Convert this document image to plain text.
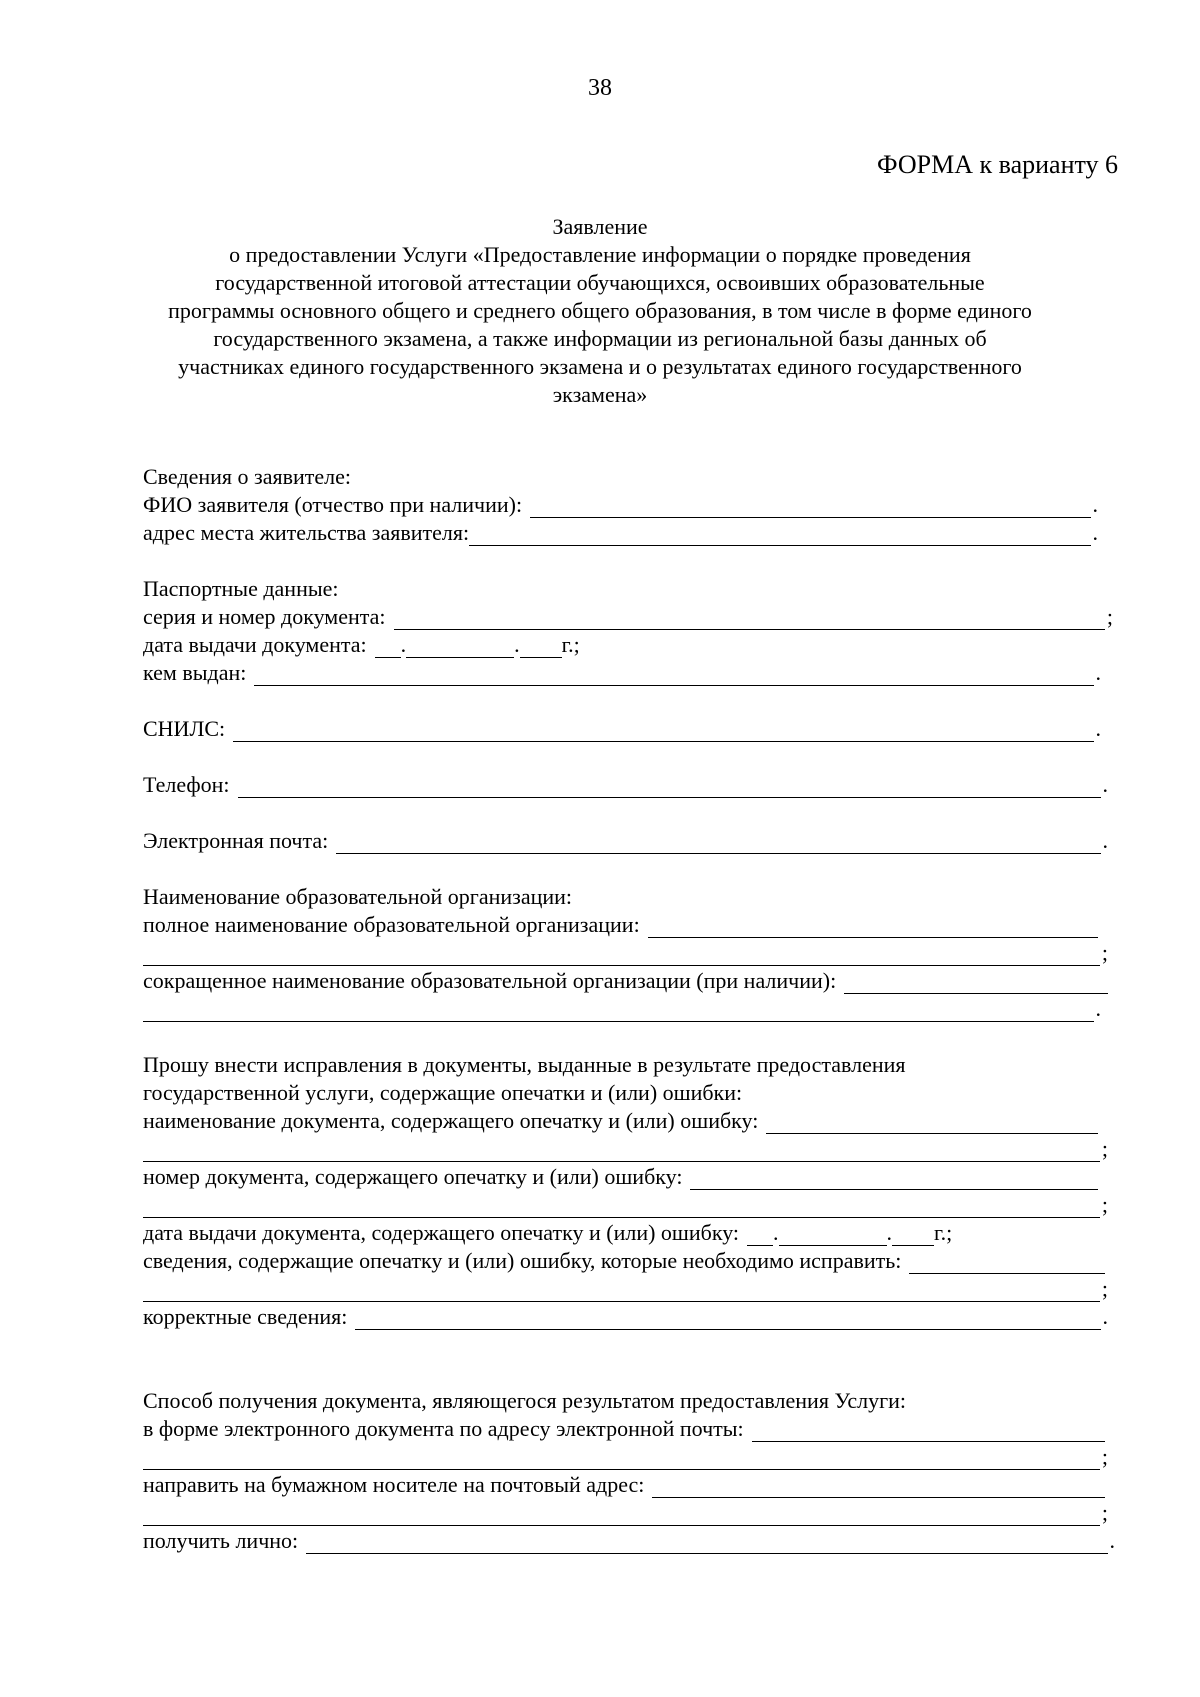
38
ФОРМА к варианту 6
Заявление
о предоставлении Услуги «Предоставление информации о порядке проведения
государственной итоговой аттестации обучающихся, освоивших образовательные
программы основного общего и среднего общего образования, в том числе в форме единого
государственного экзамена, а также информации из региональной базы данных об
участниках единого государственного экзамена и о результатах единого государственного
экзамена»
Сведения о заявителе:
ФИО заявителя (отчество при наличии):	.
адрес места жительства заявителя:	.
Паспортные данные:
серия и номер документа:	;
дата выдачи документа: .	. г.;
кем выдан:	.
СНИЛС:	.
Телефон:	.
Электронная почта:	.
Наименование образовательной организации:
полное наименование образовательной организации:
;
сокращенное наименование образовательной организации (при наличии):
.
Прошу внести исправления в документы, выданные в результате предоставления
государственной услуги, содержащие опечатки и (или) ошибки:
наименование документа, содержащего опечатку и (или) ошибку:
;
номер документа, содержащего опечатку и (или) ошибку:
;
дата выдачи документа, содержащего опечатку и (или) ошибку: .	. г.;
сведения, содержащие опечатку и (или) ошибку, которые необходимо исправить:
;
корректные сведения:	.
Способ получения документа, являющегося результатом предоставления Услуги:
в форме электронного документа по адресу электронной почты:
;
направить на бумажном носителе на почтовый адрес:
;
получить лично:	.
